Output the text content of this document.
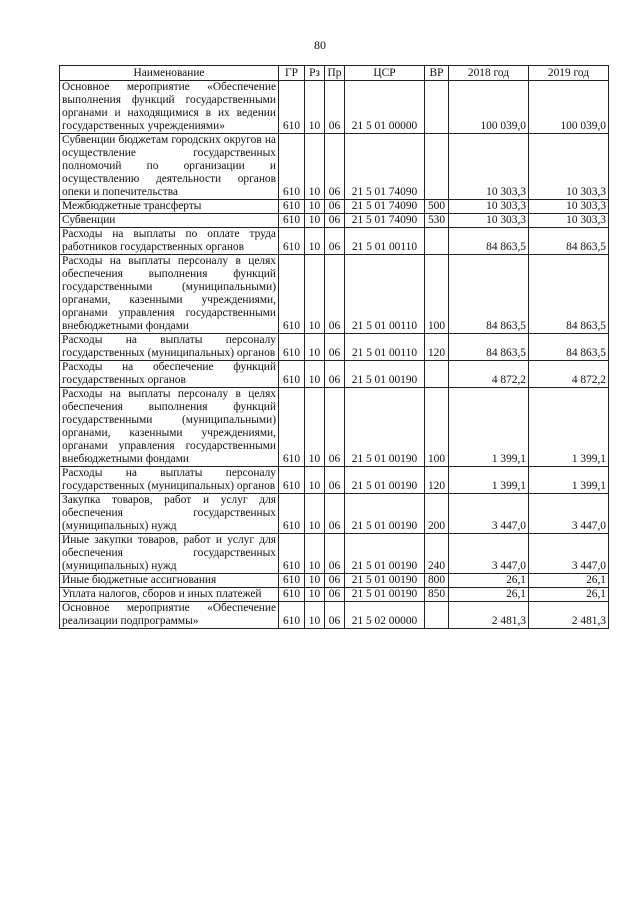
80
Наименование	ГР	Рз	Пр	ЦСР	ВР	2018 год	2019 год
Основное мероприятие «Обеспечение выполнения функций государственными органами и находящимися в их ведении государственных учреждениями»	610	10	06	21 5 01 00000		100 039,0	100 039,0
Субвенции бюджетам городских округов на осуществление государственных полномочий по организации и осуществлению деятельности органов опеки и попечительства	610	10	06	21 5 01 74090		10 303,3	10 303,3
Межбюджетные трансферты	610	10	06	21 5 01 74090	500	10 303,3	10 303,3
Субвенции	610	10	06	21 5 01 74090	530	10 303,3	10 303,3
Расходы на выплаты по оплате труда работников государственных органов	610	10	06	21 5 01 00110		84 863,5	84 863,5
Расходы на выплаты персоналу в целях обеспечения выполнения функций государственными (муниципальными) органами, казенными учреждениями, органами управления государственными внебюджетными фондами	610	10	06	21 5 01 00110	100	84 863,5	84 863,5
Расходы на выплаты персоналу государственных (муниципальных) органов	610	10	06	21 5 01 00110	120	84 863,5	84 863,5
Расходы на обеспечение функций государственных органов	610	10	06	21 5 01 00190		4 872,2	4 872,2
Расходы на выплаты персоналу в целях обеспечения выполнения функций государственными (муниципальными) органами, казенными учреждениями, органами управления государственными внебюджетными фондами	610	10	06	21 5 01 00190	100	1 399,1	1 399,1
Расходы на выплаты персоналу государственных (муниципальных) органов	610	10	06	21 5 01 00190	120	1 399,1	1 399,1
Закупка товаров, работ и услуг для обеспечения государственных (муниципальных) нужд	610	10	06	21 5 01 00190	200	3 447,0	3 447,0
Иные закупки товаров, работ и услуг для обеспечения государственных (муниципальных) нужд	610	10	06	21 5 01 00190	240	3 447,0	3 447,0
Иные бюджетные ассигнования	610	10	06	21 5 01 00190	800	26,1	26,1
Уплата налогов, сборов и иных платежей	610	10	06	21 5 01 00190	850	26,1	26,1
Основное мероприятие «Обеспечение реализации подпрограммы»	610	10	06	21 5 02 00000		2 481,3	2 481,3
